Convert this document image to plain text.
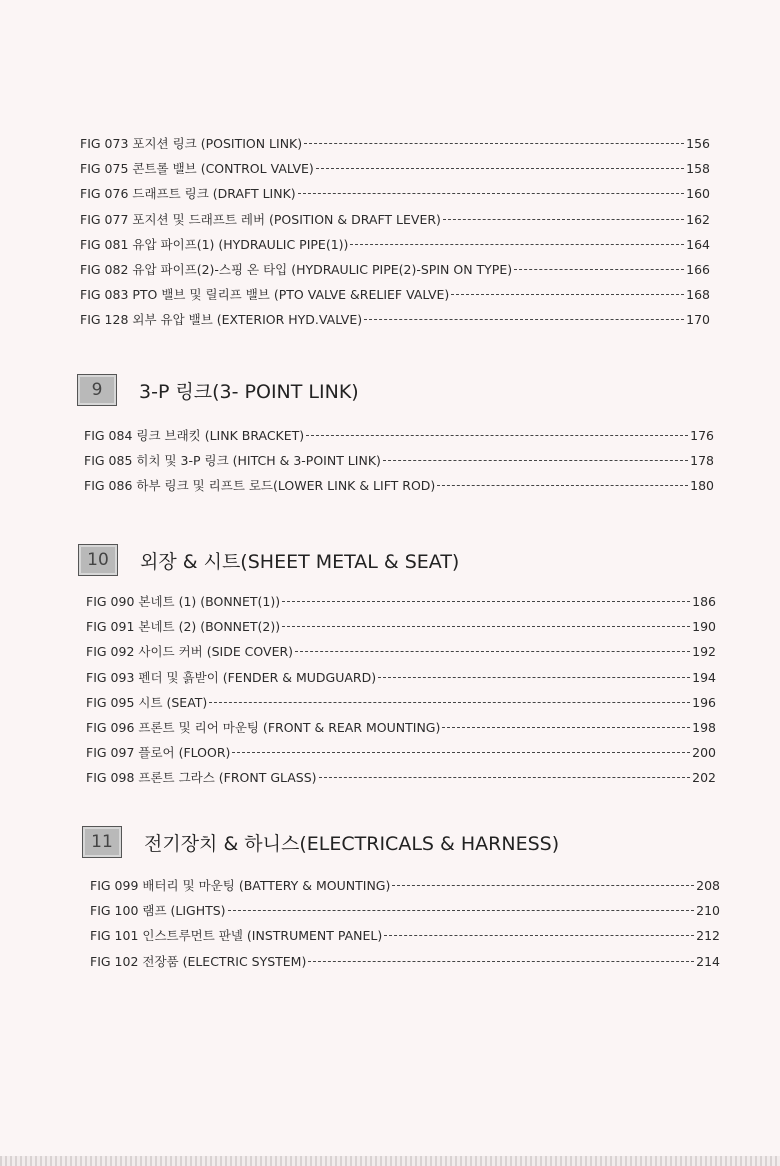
FIG 073 포지션 링크 (POSITION LINK)	156
FIG 075 콘트롤 밸브 (CONTROL VALVE)	158
FIG 076 드래프트 링크 (DRAFT LINK)	160
FIG 077 포지션 및 드래프트 레버 (POSITION & DRAFT LEVER)	162
FIG 081 유압 파이프(1) (HYDRAULIC PIPE(1))	164
FIG 082 유압 파이프(2)-스핑 온 타입 (HYDRAULIC PIPE(2)-SPIN ON TYPE)	166
FIG 083 PTO 밸브 및 릴리프 밸브 (PTO VALVE &RELIEF VALVE)	168
FIG 128 외부 유압 밸브 (EXTERIOR HYD.VALVE)	170
9	3-P 링크(3- POINT LINK)
FIG 084 링크 브래킷 (LINK BRACKET)	176
FIG 085 히치 및 3-P 링크 (HITCH & 3-POINT LINK)	178
FIG 086 하부 링크 및 리프트 로드(LOWER LINK & LIFT ROD)	180
10	외장 & 시트(SHEET METAL & SEAT)
FIG 090 본네트 (1) (BONNET(1))	186
FIG 091 본네트 (2) (BONNET(2))	190
FIG 092 사이드 커버 (SIDE COVER)	192
FIG 093 펜더 및 흙받이 (FENDER & MUDGUARD)	194
FIG 095 시트 (SEAT)	196
FIG 096 프론트 및 리어 마운팅 (FRONT & REAR MOUNTING)	198
FIG 097 플로어 (FLOOR)	200
FIG 098 프론트 그라스 (FRONT GLASS)	202
11	전기장치 & 하니스(ELECTRICALS & HARNESS)
FIG 099 배터리 및 마운팅 (BATTERY & MOUNTING)	208
FIG 100 램프 (LIGHTS)	210
FIG 101 인스트루먼트 판넬 (INSTRUMENT PANEL)	212
FIG 102 전장품 (ELECTRIC SYSTEM)	214
